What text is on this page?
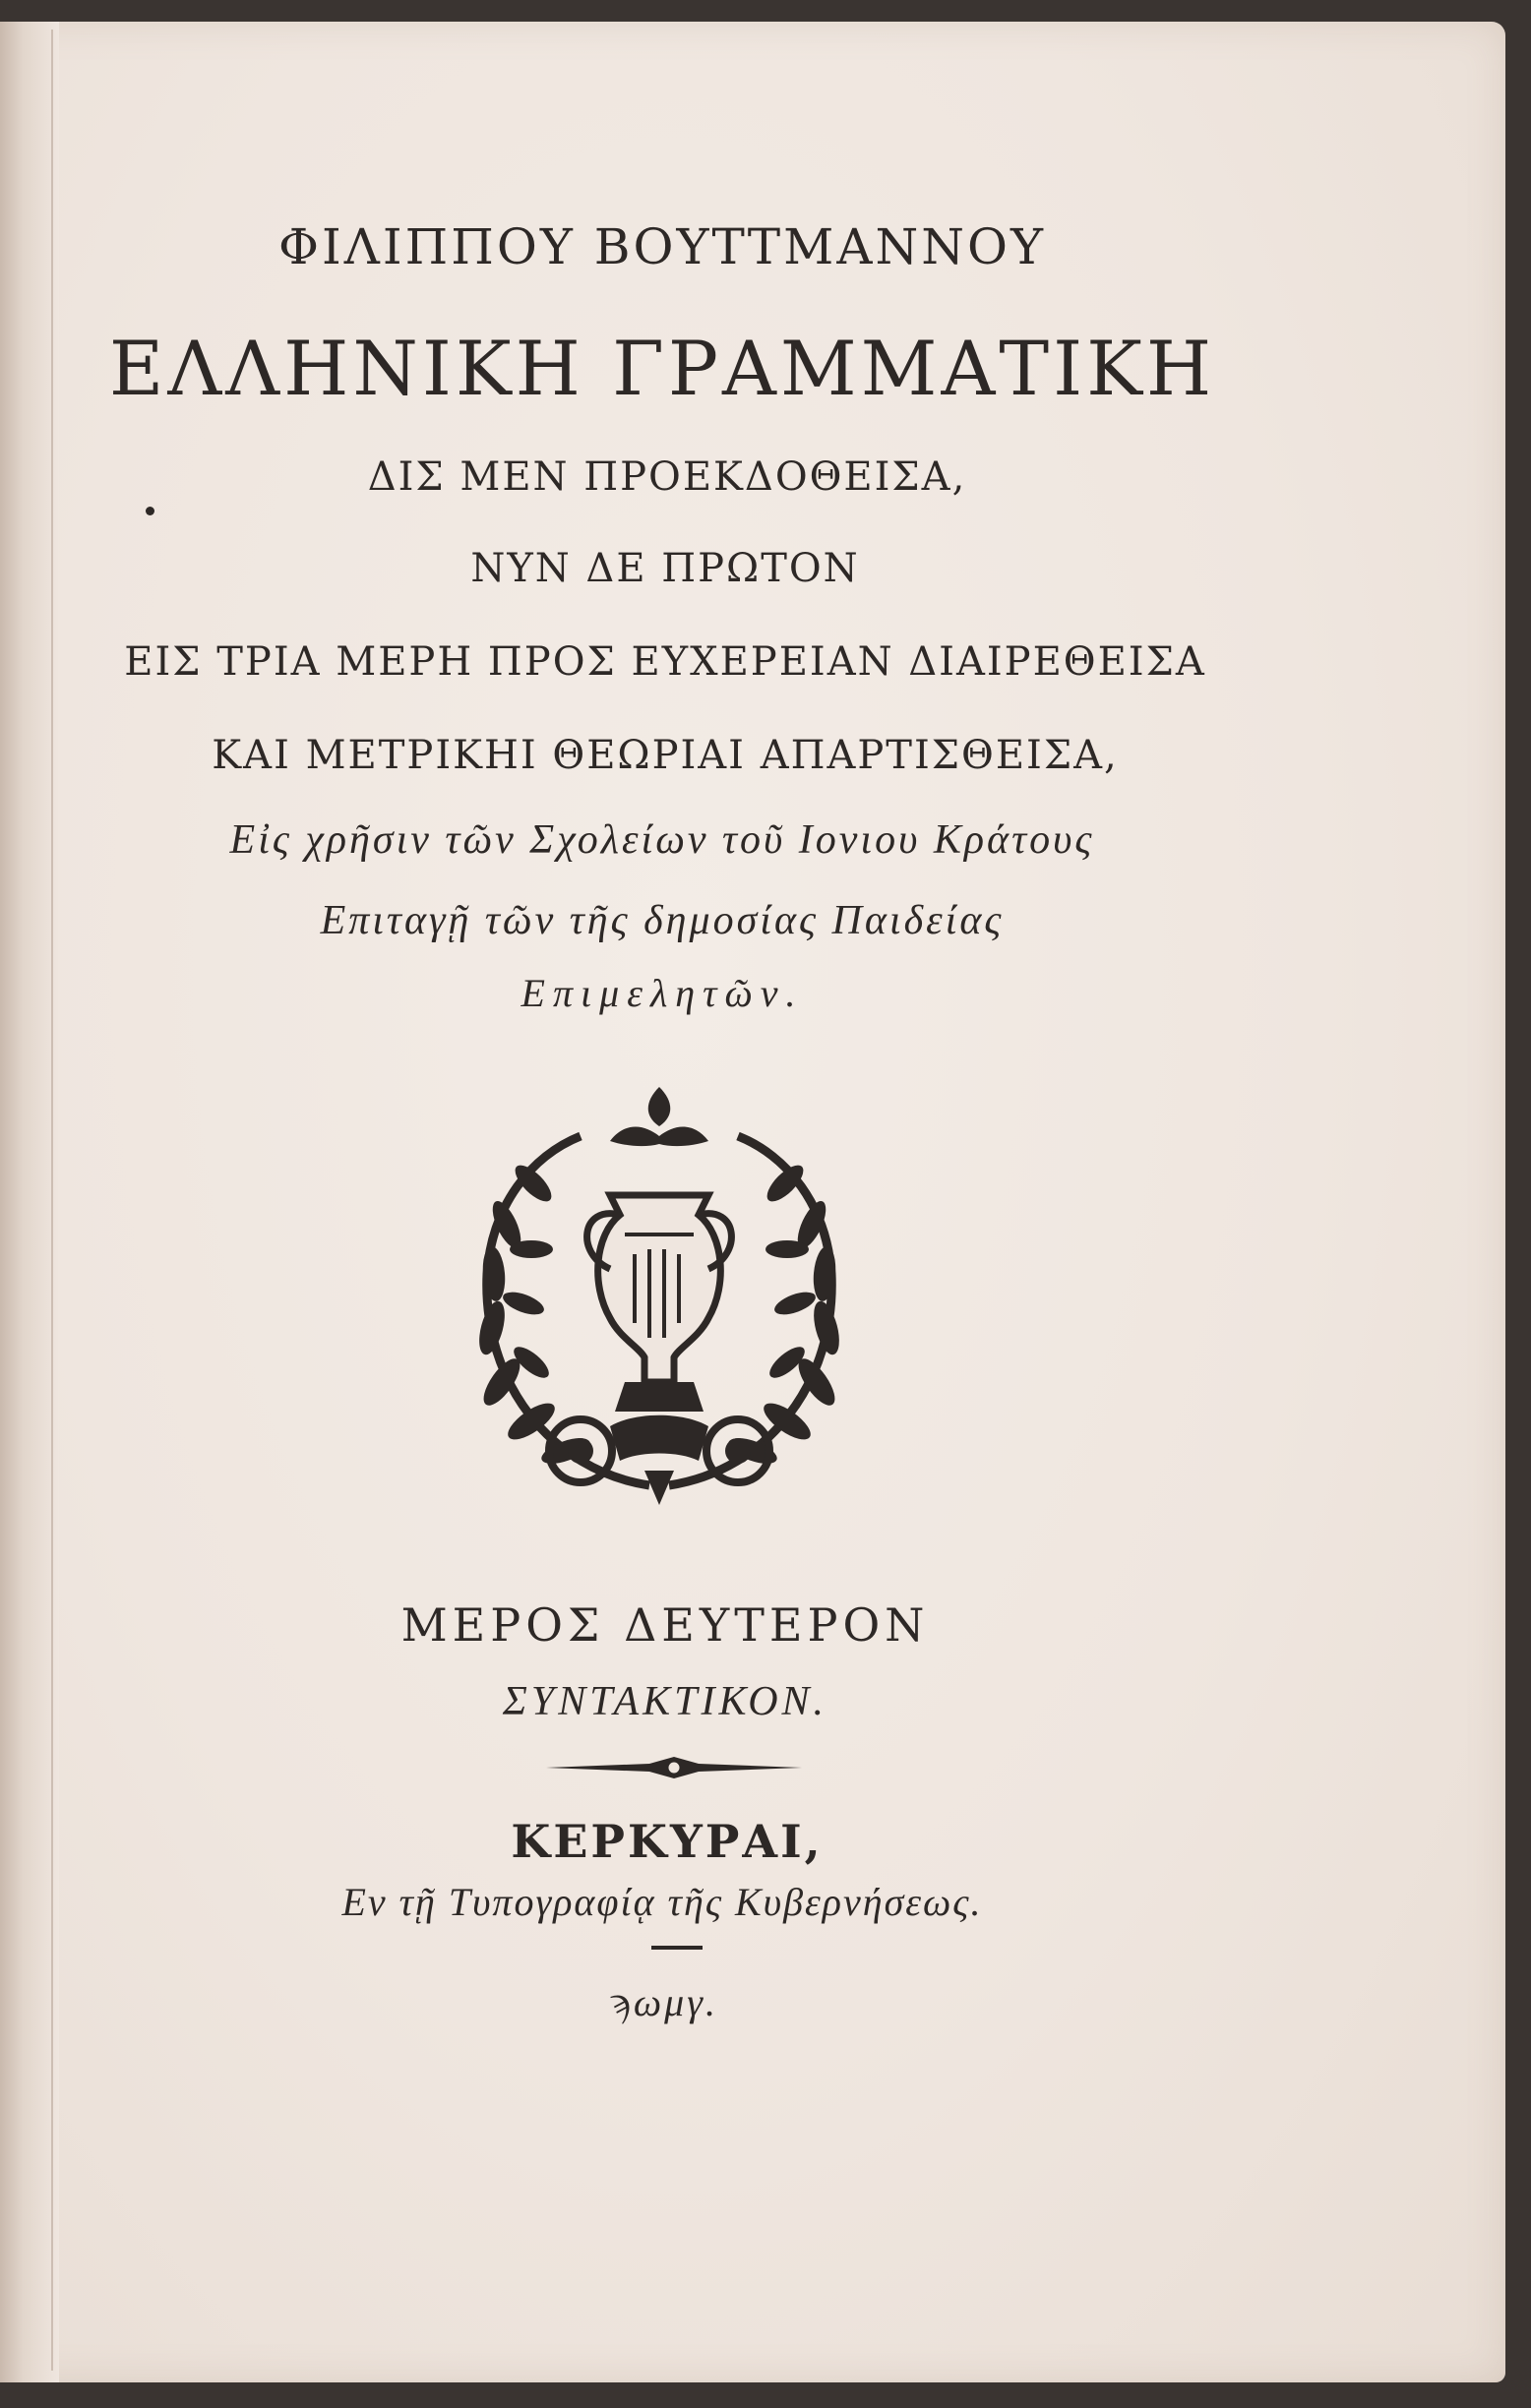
ΦΙΛΙΠΠΟΥ ΒΟΥΤΤΜΑΝΝΟΥ
ΕΛΛΗΝΙΚΗ ΓΡΑΜΜΑΤΙΚΗ
ΔΙΣ ΜΕΝ ΠΡΟΕΚΔΟΘΕΙΣΑ,
ΝΥΝ ΔΕ ΠΡΩΤΟΝ
ΕΙΣ ΤΡΙΑ ΜΕΡΗ ΠΡΟΣ ΕΥΧΕΡΕΙΑΝ ΔΙΑΙΡΕΘΕΙΣΑ
ΚΑΙ ΜΕΤΡΙΚΗΙ ΘΕΩΡΙΑΙ ΑΠΑΡΤΙΣΘΕΙΣΑ,
Εἰς χρῆσιν τῶν Σχολείων τοῦ Ιονιου Κράτους
Επιταγῇ τῶν τῆς δημοσίας Παιδείας
Επιμελητῶν.
ΜΕΡΟΣ ΔΕΥΤΕΡΟΝ
ΣΥΝΤΑΚΤΙΚΟΝ.
ΚΕΡΚΥΡΑΙ,
Εν τῇ Τυπογραφίᾳ τῆς Κυβερνήσεως.
ϡωμγ.
